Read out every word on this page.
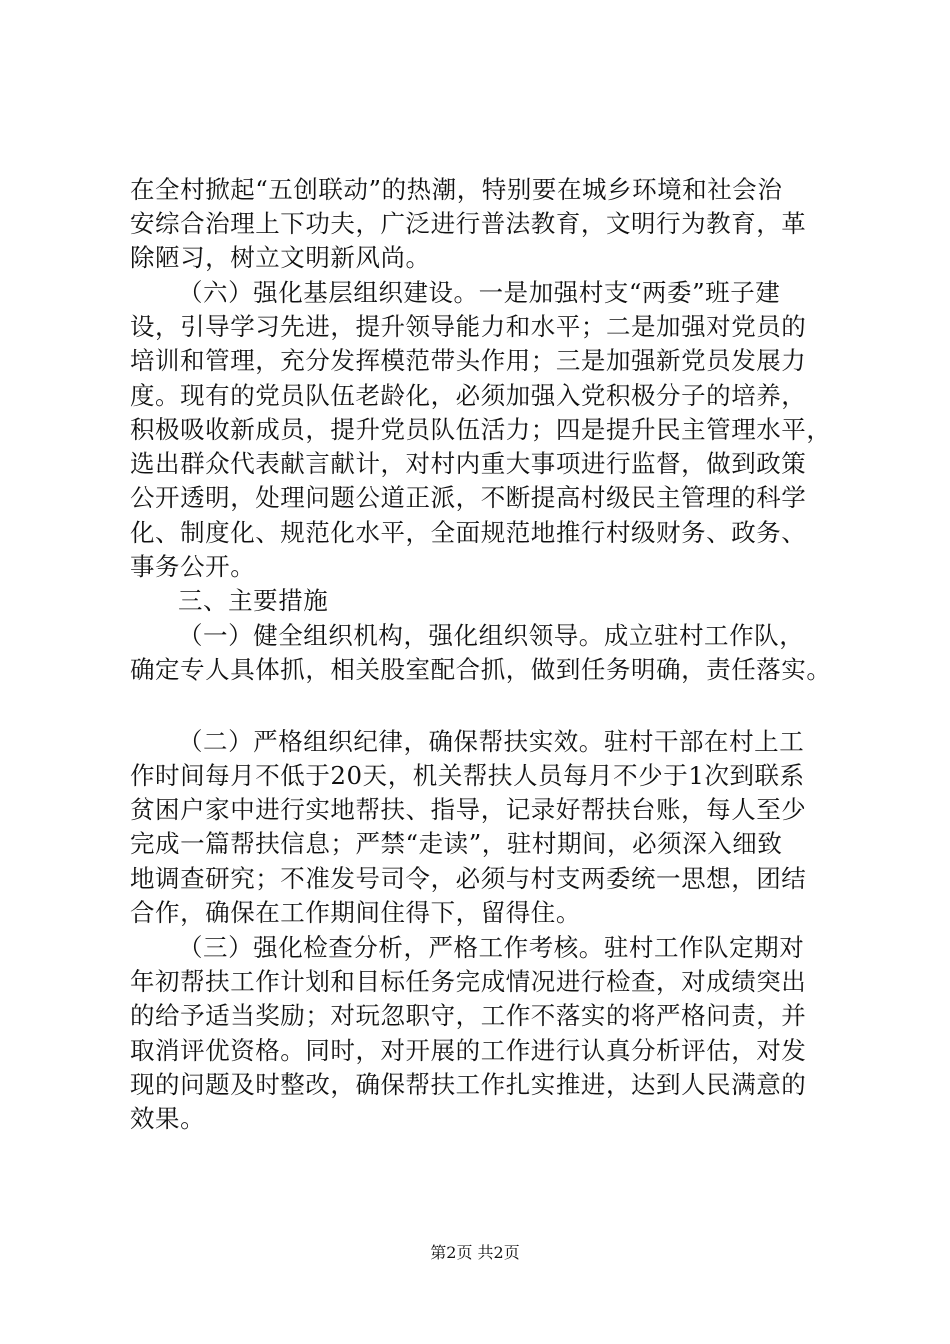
在全村掀起“五创联动”的热潮，特别要在城乡环境和社会治
安综合治理上下功夫，广泛进行普法教育，文明行为教育，革
除陋习，树立文明新风尚。
（六）强化基层组织建设。一是加强村支“两委”班子建
设，引导学习先进，提升领导能力和水平；二是加强对党员的
培训和管理，充分发挥模范带头作用；三是加强新党员发展力
度。现有的党员队伍老龄化，必须加强入党积极分子的培养，
积极吸收新成员，提升党员队伍活力；四是提升民主管理水平，
选出群众代表献言献计，对村内重大事项进行监督，做到政策
公开透明，处理问题公道正派，不断提高村级民主管理的科学
化、制度化、规范化水平，全面规范地推行村级财务、政务、
事务公开。
三、主要措施
（一）健全组织机构，强化组织领导。成立驻村工作队，
确定专人具体抓，相关股室配合抓，做到任务明确，责任落实。
（二）严格组织纪律，确保帮扶实效。驻村干部在村上工
作时间每月不低于20天，机关帮扶人员每月不少于1次到联系
贫困户家中进行实地帮扶、指导，记录好帮扶台账，每人至少
完成一篇帮扶信息；严禁“走读”，驻村期间，必须深入细致
地调查研究；不准发号司令，必须与村支两委统一思想，团结
合作，确保在工作期间住得下，留得住。
（三）强化检查分析，严格工作考核。驻村工作队定期对
年初帮扶工作计划和目标任务完成情况进行检查，对成绩突出
的给予适当奖励；对玩忽职守，工作不落实的将严格问责，并
取消评优资格。同时，对开展的工作进行认真分析评估，对发
现的问题及时整改，确保帮扶工作扎实推进，达到人民满意的
效果。
第2页 共2页
